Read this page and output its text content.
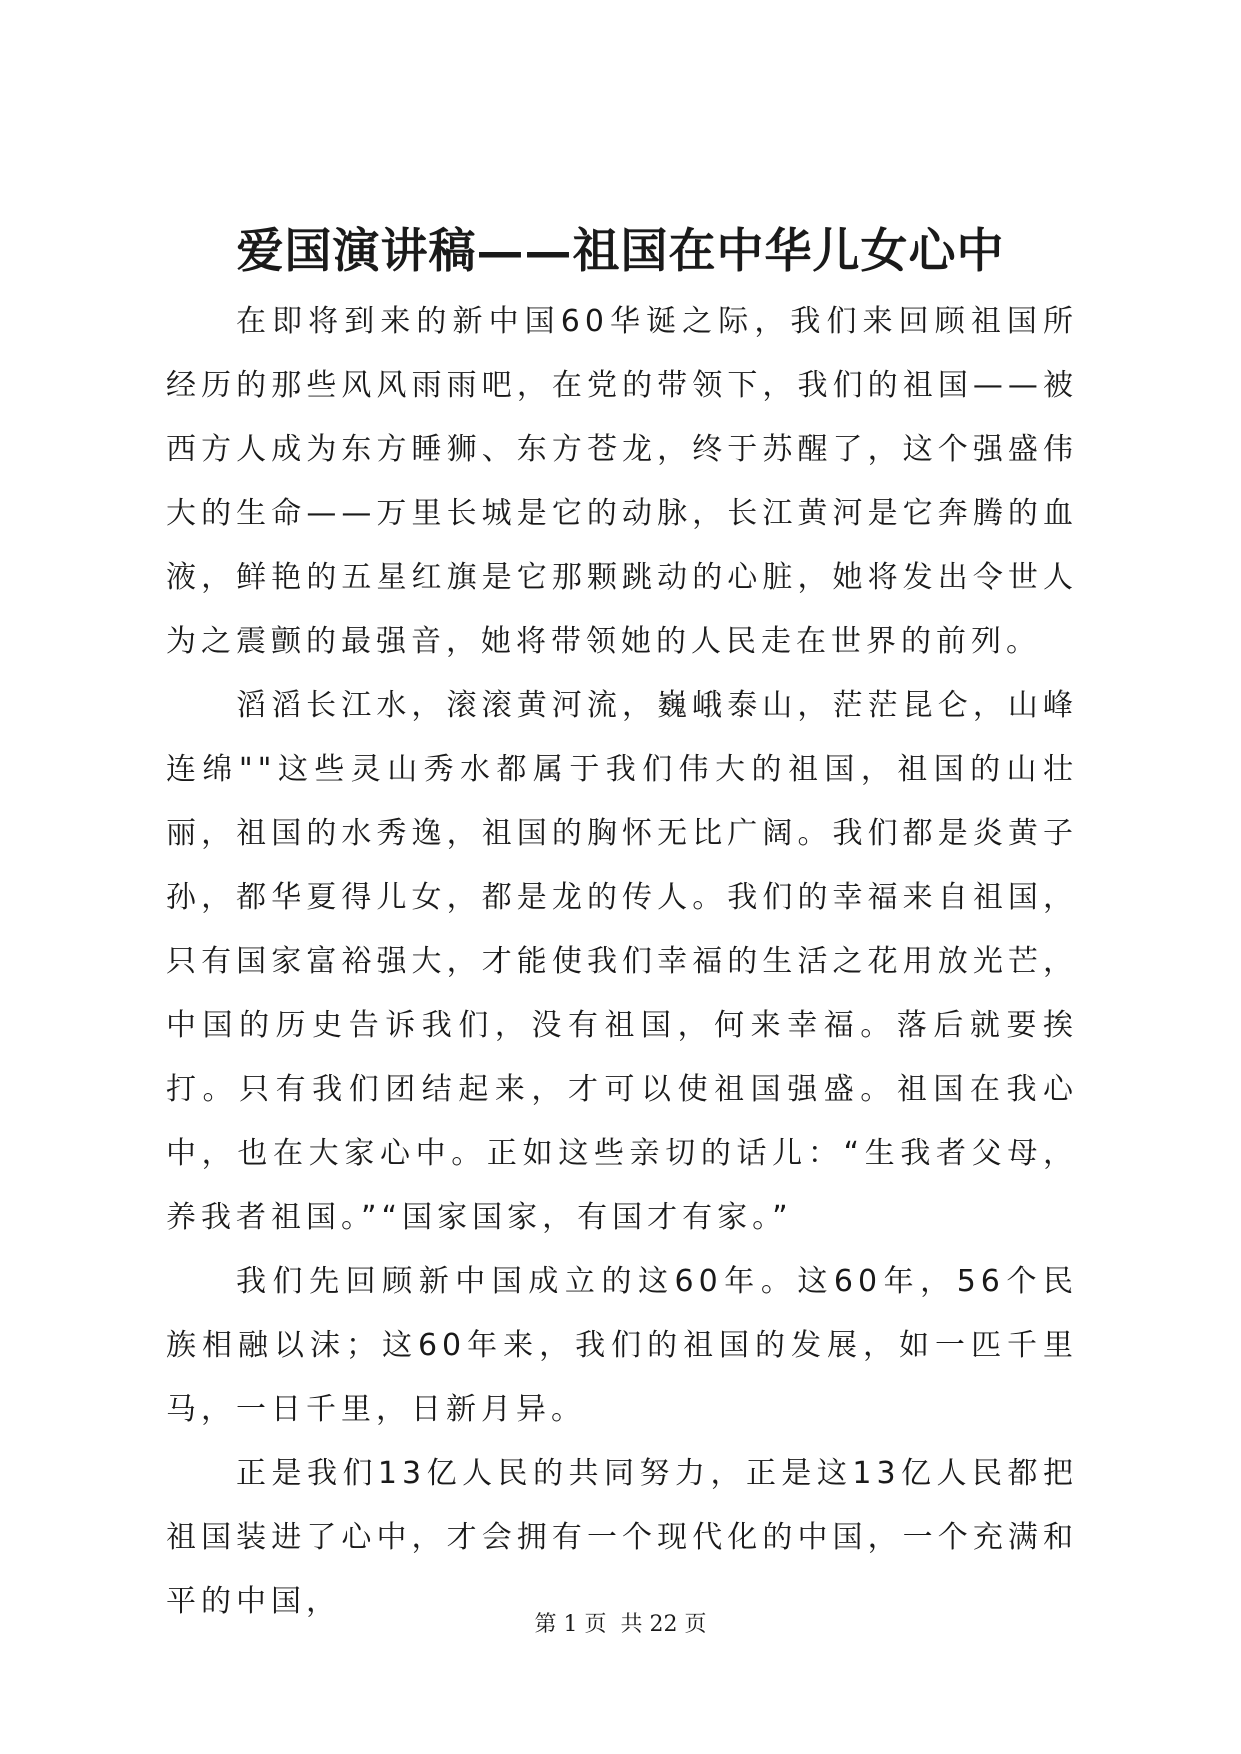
爱国演讲稿——祖国在中华儿女心中

在即将到来的新中国60华诞之际，我们来回顾祖国所经历的那些风风雨雨吧，在党的带领下，我们的祖国——被西方人成为东方睡狮、东方苍龙，终于苏醒了，这个强盛伟大的生命——万里长城是它的动脉，长江黄河是它奔腾的血液，鲜艳的五星红旗是它那颗跳动的心脏，她将发出令世人为之震颤的最强音，她将带领她的人民走在世界的前列。

滔滔长江水，滚滚黄河流，巍峨泰山，茫茫昆仑，山峰连绵""这些灵山秀水都属于我们伟大的祖国，祖国的山壮丽，祖国的水秀逸，祖国的胸怀无比广阔。我们都是炎黄子孙，都华夏得儿女，都是龙的传人。我们的幸福来自祖国，只有国家富裕强大，才能使我们幸福的生活之花用放光芒，中国的历史告诉我们，没有祖国，何来幸福。落后就要挨打。只有我们团结起来，才可以使祖国强盛。祖国在我心中，也在大家心中。正如这些亲切的话儿：“生我者父母，养我者祖国。”“国家国家，有国才有家。”

我们先回顾新中国成立的这60年。这60年，56个民族相融以沫；这60年来，我们的祖国的发展，如一匹千里马，一日千里，日新月异。

正是我们13亿人民的共同努力，正是这13亿人民都把祖国装进了心中，才会拥有一个现代化的中国，一个充满和平的中国，

第 1 页  共 22 页
